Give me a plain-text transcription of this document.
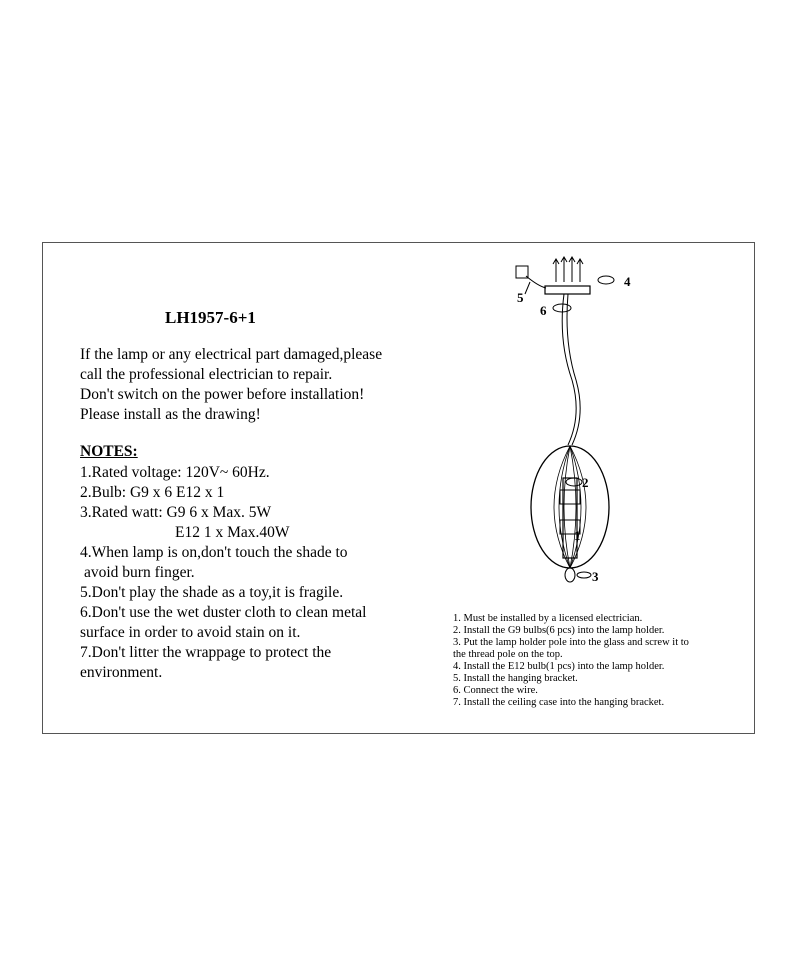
LH1957-6+1
If the lamp or any electrical part damaged,please
call the professional electrician to repair.
Don't switch on the power before installation!
Please install as the drawing!
NOTES:
1.Rated voltage: 120V~ 60Hz.
2.Bulb: G9 x 6 E12 x 1
3.Rated watt: G9 6 x Max. 5W
E12 1 x Max.40W
4.When lamp is on,don't touch the shade to
avoid burn finger.
5.Don't play the shade as a toy,it is fragile.
6.Don't use the wet duster cloth to clean metal
surface in order to avoid stain on it.
7.Don't litter the wrappage to protect the
environment.
4
5
6
2
1
3
1. Must be installed by a licensed electrician.
2. Install the G9 bulbs(6 pcs) into the lamp holder.
3. Put the lamp holder pole into the glass and screw it to
the thread pole on the top.
4. Install the E12 bulb(1 pcs) into the lamp holder.
5. Install the hanging bracket.
6. Connect the wire.
7. Install the ceiling case into the hanging bracket.
